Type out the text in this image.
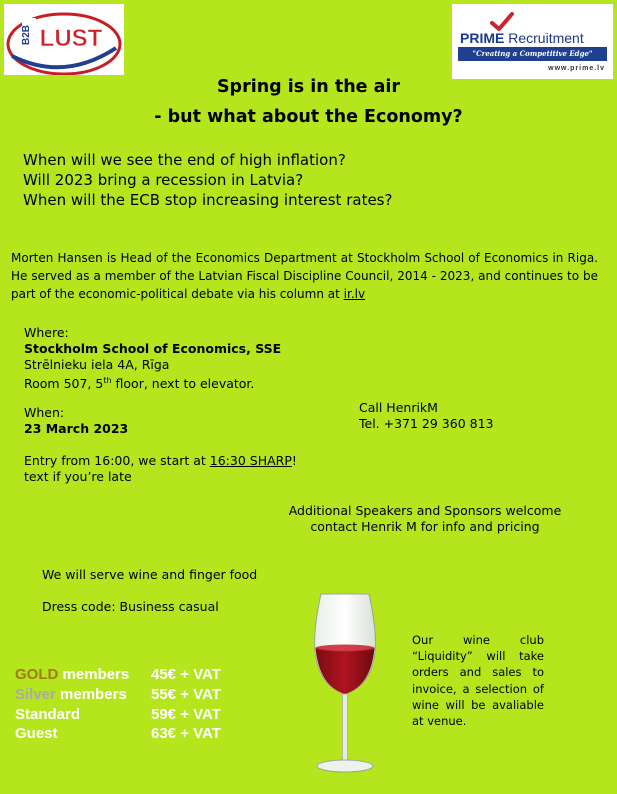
B2B LUST	PRIME Recruitment
"Creating a Competitive Edge"
www.prime.lv
Spring is in the air
- but what about the Economy?
When will we see the end of high inflation?
Will 2023 bring a recession in Latvia?
When will the ECB stop increasing interest rates?
Morten Hansen is Head of the Economics Department at Stockholm School of Economics in Riga. He served as a member of the Latvian Fiscal Discipline Council, 2014 - 2023, and continues to be part of the economic-political debate via his column at ir.lv
Where:
Stockholm School of Economics, SSE
Strēlnieku iela 4A, Rīga
Room 507, 5th floor, next to elevator.
When:
23 March 2023
Call HenrikM
Tel. +371 29 360 813
Entry from 16:00, we start at 16:30 SHARP!
text if you’re late
Additional Speakers and Sponsors welcome
contact Henrik M for info and pricing
We will serve wine and finger food
Dress code: Business casual
GOLD members 45€ + VAT
Silver members 55€ + VAT
Standard	59€ + VAT
Guest	63€ + VAT
Our wine club “Liquidity” will take orders and sales to invoice, a selection of wine will be avaliable at venue.
